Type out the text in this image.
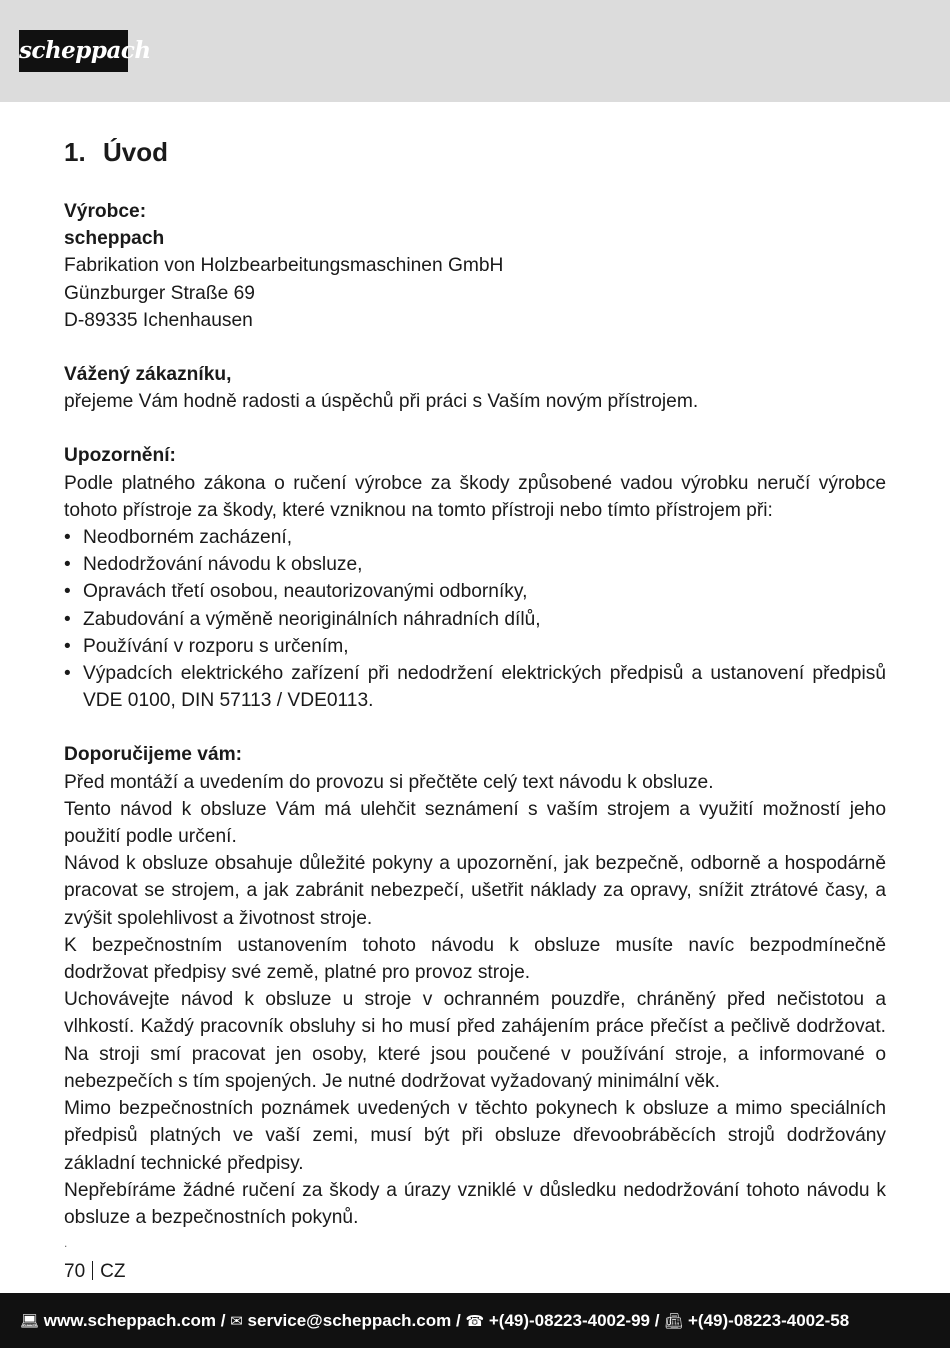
scheppach
1. Úvod

Výrobce:

scheppach

Fabrikation von Holzbearbeitungsmaschinen GmbH

Günzburger Straße 69

D-89335 Ichenhausen

Vážený zákazníku,

přejeme Vám hodně radosti a úspěchů při práci s Vaším novým přístrojem.

Upozornění:

Podle platného zákona o ručení výrobce za škody způsobené vadou výrobku neručí výrobce tohoto přístroje za škody, které vzniknou na tomto přístroji nebo tímto přístrojem při:

• Neodborném zacházení,
• Nedodržování návodu k obsluze,
• Opravách třetí osobou, neautorizovanými odborníky,
• Zabudování a výměně neoriginálních náhradních dílů,
• Používání v rozporu s určením,
• Výpadcích elektrického zařízení při nedodržení elektrických předpisů a ustanovení předpisů VDE 0100, DIN 57113 / VDE0113.

Doporučijeme vám:

Před montáží a uvedením do provozu si přečtěte celý text návodu k obsluze.

Tento návod k obsluze Vám má ulehčit seznámení s vaším strojem a využití možností jeho použití podle určení.

Návod k obsluze obsahuje důležité pokyny a upozornění, jak bezpečně, odborně a hospodárně pracovat se strojem, a jak zabránit nebezpečí, ušetřit náklady za opravy, snížit ztrátové časy, a zvýšit spolehlivost a životnost stroje.

K bezpečnostním ustanovením tohoto návodu k obsluze musíte navíc bezpodmínečně dodržovat předpisy své země, platné pro provoz stroje.

Uchovávejte návod k obsluze u stroje v ochranném pouzdře, chráněný před nečistotou a vlhkostí. Každý pracovník obsluhy si ho musí před zahájením práce přečíst a pečlivě dodržovat. Na stroji smí pracovat jen osoby, které jsou poučené v používání stroje, a informované o nebezpečích s tím spojených. Je nutné dodržovat vyžadovaný minimální věk.

Mimo bezpečnostních poznámek uvedených v těchto pokynech k obsluze a mimo speciálních předpisů platných ve vaší zemi, musí být při obsluze dřevoobráběcích strojů dodržovány základní technické předpisy.

Nepřebíráme žádné ručení za škody a úrazy vzniklé v důsledku nedodržování tohoto návodu k obsluze a bezpečnostních pokynů.

.
70 CZ
💻︎ www.scheppach.com / ✉︎ service@scheppach.com / ☎︎ +(49)-08223-4002-99 / 📠︎ +(49)-08223-4002-58
